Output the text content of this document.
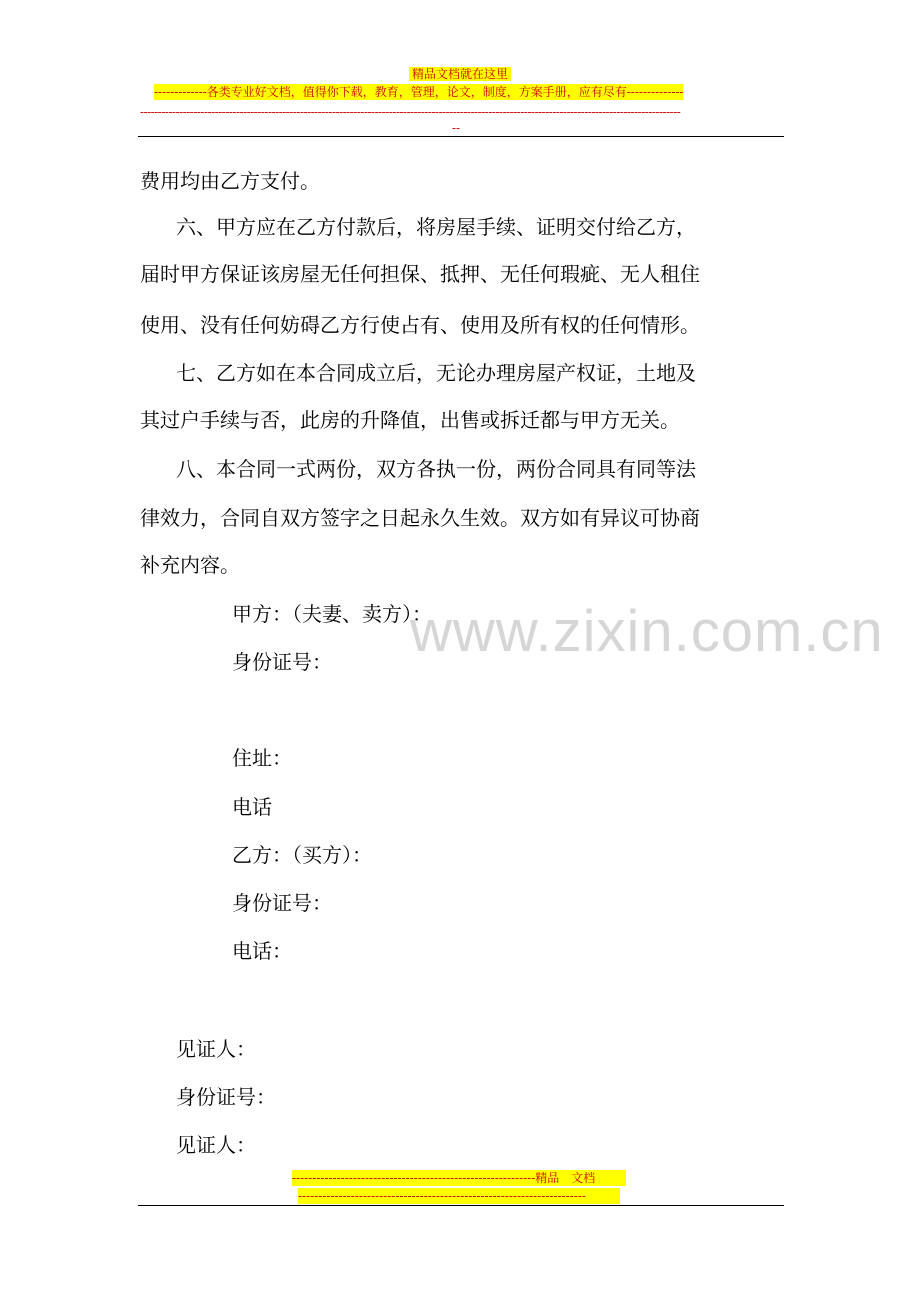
精品文档就在这里
-------------各类专业好文档，值得你下载，教育，管理，论文，制度，方案手册，应有尽有--------------
--------------------------------------------------------------------------------------------------------------------------------------------------------
--
费用均由乙方支付。
六、甲方应在乙方付款后，将房屋手续、证明交付给乙方，
届时甲方保证该房屋无任何担保、抵押、无任何瑕疵、无人租住
使用、没有任何妨碍乙方行使占有、使用及所有权的任何情形。
七、乙方如在本合同成立后，无论办理房屋产权证，土地及
其过户手续与否，此房的升降值，出售或拆迁都与甲方无关。
八、本合同一式两份，双方各执一份，两份合同具有同等法
律效力，合同自双方签字之日起永久生效。双方如有异议可协商
补充内容。
www.zixin.com.cn
甲方：（夫妻、卖方）：
身份证号：
住址：
电话
乙方：（买方）：
身份证号：
电话：
见证人：
身份证号：
见证人：
------------------------------------------------------------精品　文档
-----------------------------------------------------------------------
